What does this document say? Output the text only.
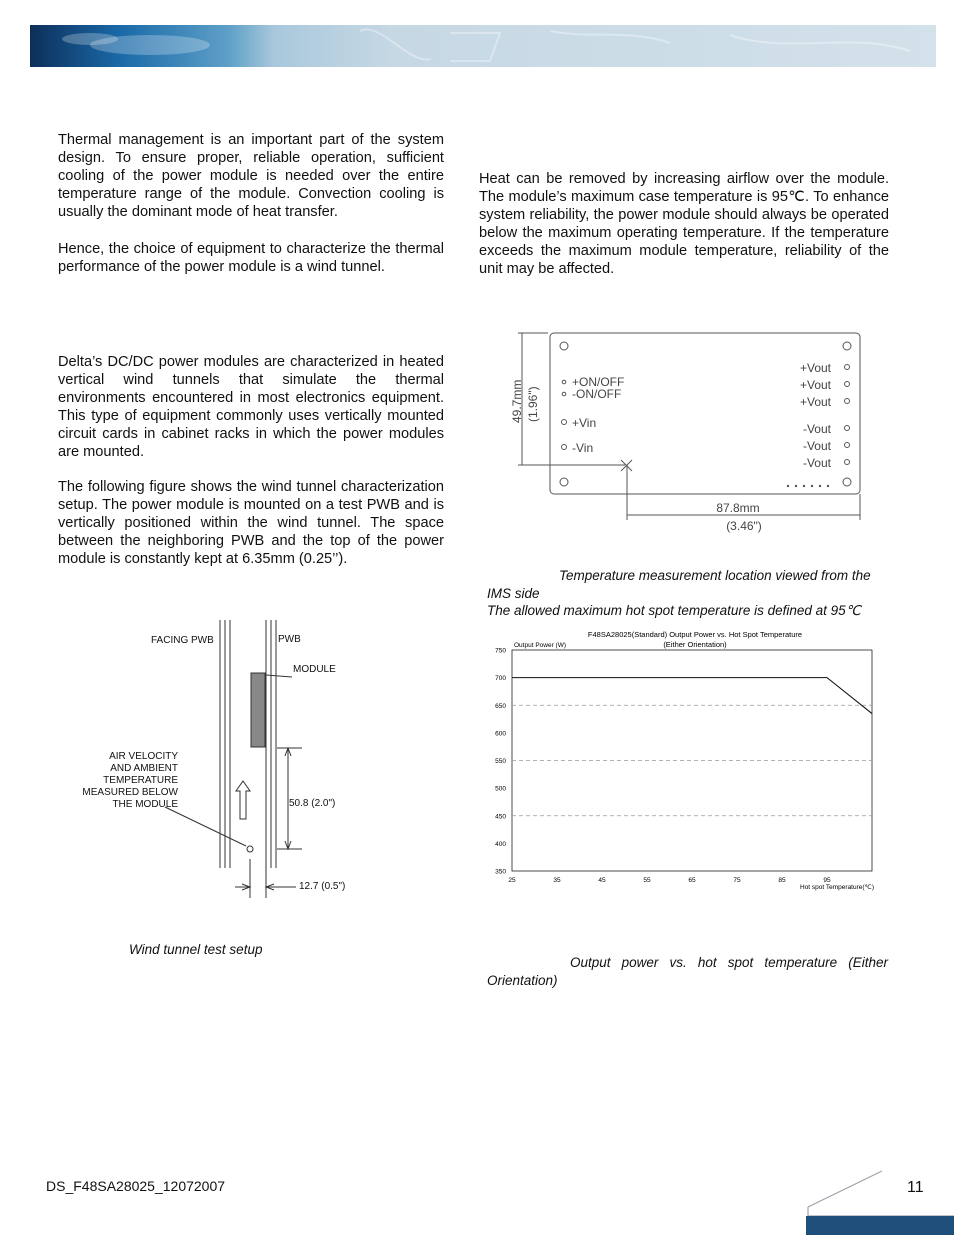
Thermal management is an important part of the system design. To ensure proper, reliable operation, sufficient cooling of the power module is needed over the entire temperature range of the module. Convection cooling is usually the dominant mode of heat transfer.

Hence, the choice of equipment to characterize the thermal performance of the power module is a wind tunnel.

Delta’s DC/DC power modules are characterized in heated vertical wind tunnels that simulate the thermal environments encountered in most electronics equipment. This type of equipment commonly uses vertically mounted circuit cards in cabinet racks in which the power modules are mounted.

The following figure shows the wind tunnel characterization setup. The power module is mounted on a test PWB and is vertically positioned within the wind tunnel. The space between the neighboring PWB and the top of the power module is constantly kept at 6.35mm (0.25’’).

Heat can be removed by increasing airflow over the module. The module’s maximum case temperature is 95℃. To enhance system reliability, the power module should always be operated below the maximum operating temperature. If the temperature exceeds the maximum module temperature, reliability of the unit may be affected.

FACING PWB	PWB
MODULE
AIR VELOCITY
AND AMBIENT
TEMPERATURE
MEASURED BELOW
THE MODULE	50.8 (2.0")
12.7 (0.5")
Wind tunnel test setup
+ON/OFF
-ON/OFF
+Vin
-Vin
+Vout
+Vout
+Vout
-Vout
-Vout
-Vout
49.7mm (1.96")
87.8mm
(3.46")
Temperature measurement location viewed from the IMS side
The allowed maximum hot spot temperature is defined at 95℃
F48SA28025(Standard) Output Power vs. Hot Spot Temperature
(Either Orientation)
Output Power (W)
Hot spot Temperature(℃)
350
400
450
500
550
600
650
700
750
25	35	45	55	65	75	85	95
Output power vs. hot spot temperature (Either Orientation)
DS_F48SA28025_12072007	11
